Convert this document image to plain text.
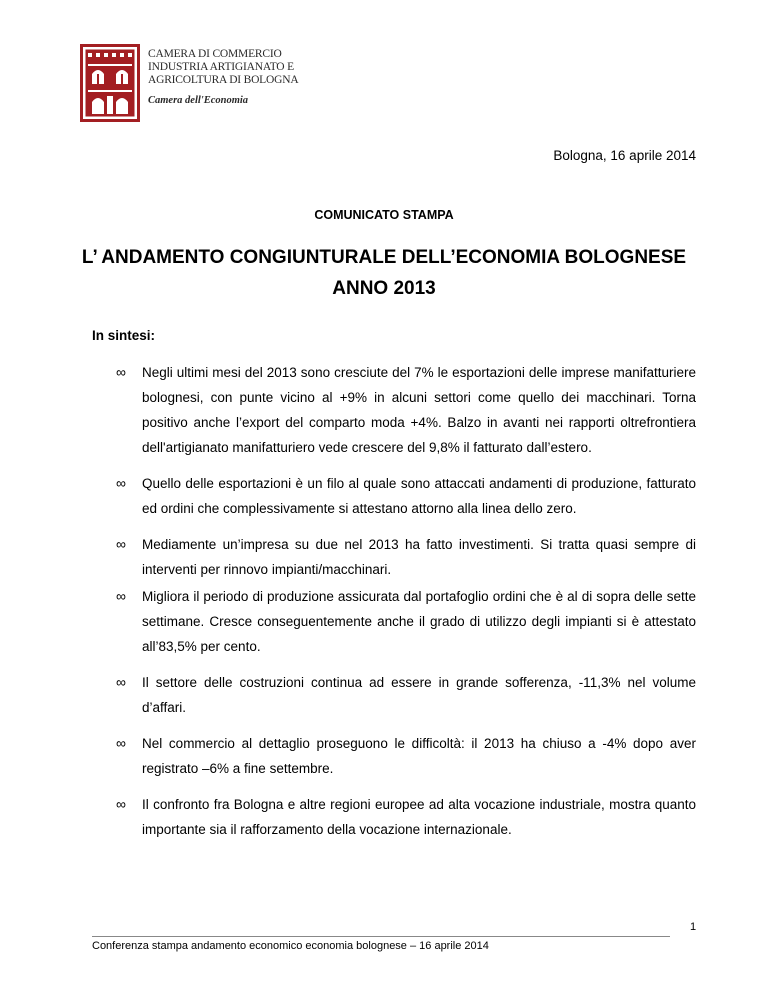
CAMERA DI COMMERCIO
INDUSTRIA ARTIGIANATO E
AGRICOLTURA DI BOLOGNA
Camera dell'Economia
Bologna, 16 aprile 2014
COMUNICATO STAMPA
L’ ANDAMENTO CONGIUNTURALE DELL’ECONOMIA BOLOGNESE
ANNO 2013
In sintesi:
∞ Negli ultimi mesi del 2013 sono cresciute del 7% le esportazioni delle imprese manifatturiere bolognesi, con punte vicino al +9% in alcuni settori come quello dei macchinari. Torna positivo anche l’export del comparto moda +4%. Balzo in avanti nei rapporti oltrefrontiera dell'artigianato manifatturiero vede crescere del 9,8% il fatturato dall’estero.
∞ Quello delle esportazioni è un filo al quale sono attaccati andamenti di produzione, fatturato ed ordini che complessivamente si attestano attorno alla linea dello zero.
∞ Mediamente un’impresa su due nel 2013 ha fatto investimenti. Si tratta quasi sempre di interventi per rinnovo impianti/macchinari.
∞ Migliora il periodo di produzione assicurata dal portafoglio ordini che è al di sopra delle sette settimane. Cresce conseguentemente anche il grado di utilizzo degli impianti si è attestato all’83,5% per cento.
∞ Il settore delle costruzioni continua ad essere in grande sofferenza, -11,3% nel volume d’affari.
∞ Nel commercio al dettaglio proseguono le difficoltà: il 2013 ha chiuso a -4% dopo aver registrato –6% a fine settembre.
∞ Il confronto fra Bologna e altre regioni europee ad alta vocazione industriale, mostra quanto importante sia il rafforzamento della vocazione internazionale.
1
Conferenza stampa andamento economico economia bolognese – 16 aprile 2014
